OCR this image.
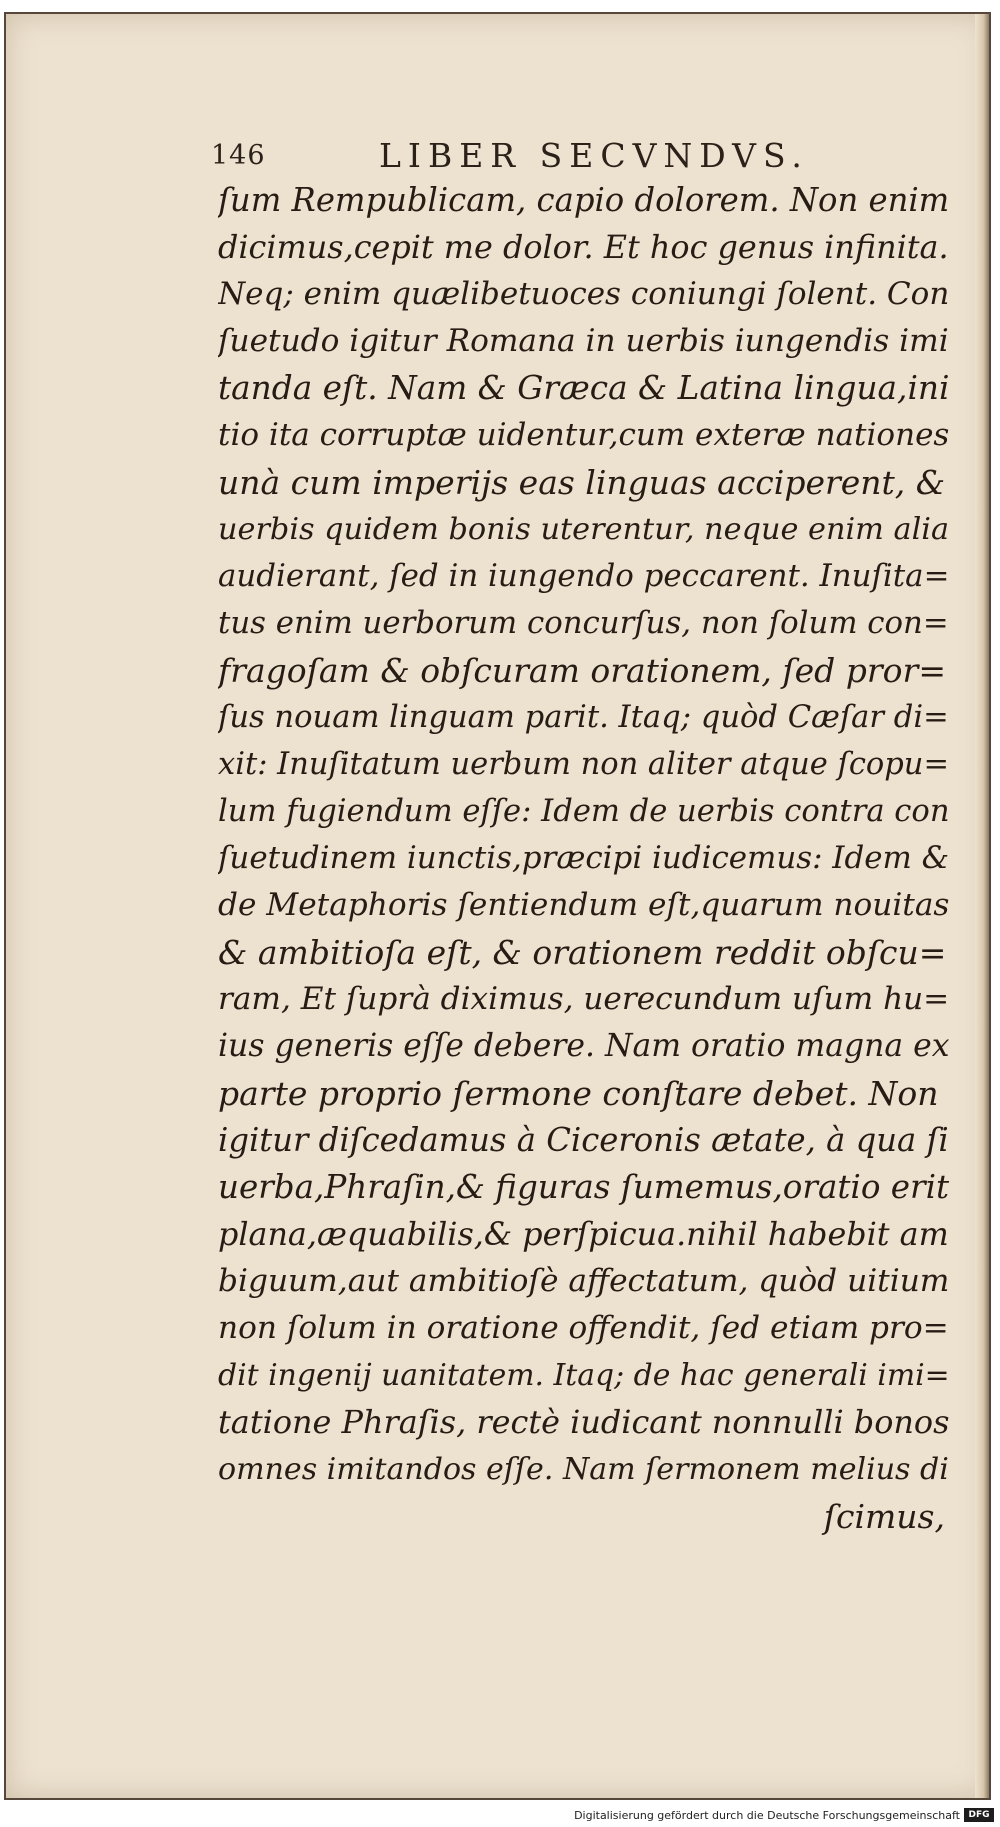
146	LIBER SECVNDVS.
ſum Rempublicam, capio dolorem. Non enim
dicimus,cepit me dolor. Et hoc genus infinita.
Neq; enim quælibetuoces coniungi ſolent. Con
ſuetudo igitur Romana in uerbis iungendis imi
tanda eſt. Nam & Græca & Latina lingua,ini
tio ita corruptæ uidentur,cum exteræ nationes
unà cum imperijs eas linguas acciperent, &
uerbis quidem bonis uterentur, neque enim alia
audierant, ſed in iungendo peccarent. Inuſita=
tus enim uerborum concurſus, non ſolum con=
fragoſam & obſcuram orationem, ſed pror=
ſus nouam linguam parit. Itaq; quòd Cæſar di=
xit: Inuſitatum uerbum non aliter atque ſcopu=
lum fugiendum eſſe: Idem de uerbis contra con
ſuetudinem iunctis,præcipi iudicemus: Idem &
de Metaphoris ſentiendum eſt,quarum nouitas
& ambitioſa eſt, & orationem reddit obſcu=
ram, Et ſuprà diximus, uerecundum uſum hu=
ius generis eſſe debere. Nam oratio magna ex
parte proprio ſermone conſtare debet. Non
igitur diſcedamus à Ciceronis ætate, à qua ſi
uerba,Phraſin,& figuras ſumemus,oratio erit
plana,æquabilis,& perſpicua.nihil habebit am
biguum,aut ambitioſè affectatum, quòd uitium
non ſolum in oratione offendit, ſed etiam pro=
dit ingenij uanitatem. Itaq; de hac generali imi=
tatione Phraſis, rectè iudicant nonnulli bonos
omnes imitandos eſſe. Nam ſermonem melius di
ſcimus,
Digitalisierung gefördert durch die Deutsche Forschungsgemeinschaft DFG
